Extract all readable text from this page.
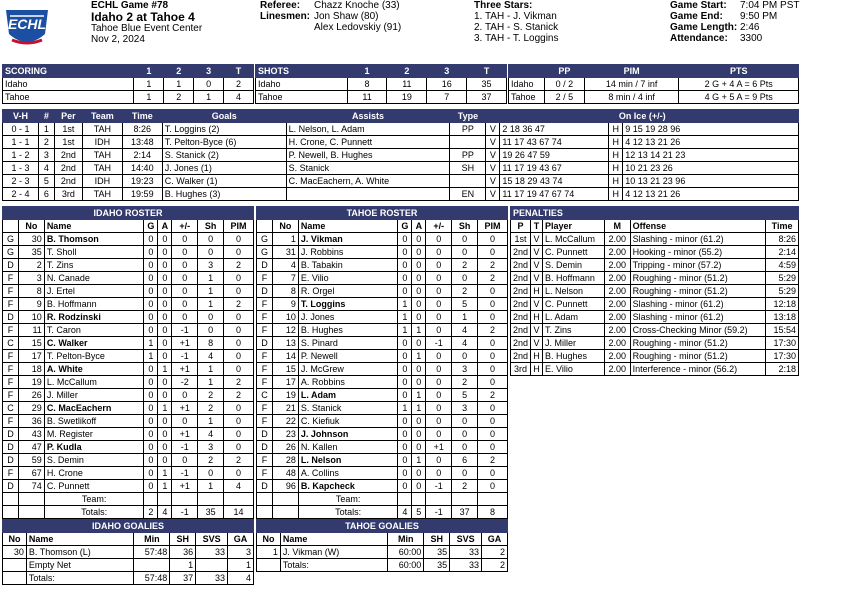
ECHL
ECHL Game #78
Idaho 2 at Tahoe 4
Tahoe Blue Event Center
Nov 2, 2024
Referee: Chazz Knoche (33)
Linesmen: Jon Shaw (80)
Alex Ledovskiy (91)
Three Stars:
1. TAH - J. Vikman
2. TAH - S. Stanick
3. TAH - T. Loggins
Game Start: 7:04 PM PST
Game End: 9:50 PM
Game Length: 2:46
Attendance: 3300
SCORING	1	2	3	T
Idaho	1	1	0	2
Tahoe	1	2	1	4
SHOTS	1	2	3	T
Idaho	8	11	16	35
Tahoe	11	19	7	37
	PP	PIM	PTS
Idaho	0 / 2	14 min / 7 inf	2 G + 4 A = 6 Pts
Tahoe	2 / 5	8 min / 4 inf	4 G + 5 A = 9 Pts
V-H	#	Per	Team	Time	Goals	Assists	Type	On Ice (+/-)			
0 - 1	1	1st	TAH	8:26	T. Loggins (2)	L. Nelson, L. Adam	PP	V	2 18 36 47	H	9 15 19 28 96
1 - 1	2	1st	IDH	13:48	T. Pelton-Byce (6)	H. Crone, C. Punnett		V	11 17 43 67 74	H	4 12 13 21 26
1 - 2	3	2nd	TAH	2:14	S. Stanick (2)	P. Newell, B. Hughes	PP	V	19 26 47 59	H	12 13 14 21 23
1 - 3	4	2nd	TAH	14:40	J. Jones (1)	S. Stanick	SH	V	11 17 19 43 67	H	10 21 23 26
2 - 3	5	2nd	IDH	19:23	C. Walker (1)	C. MacEachern, A. White		V	15 18 29 43 74	H	10 13 21 23 96
2 - 4	6	3rd	TAH	19:59	B. Hughes (3)		EN	V	11 17 19 47 67 74	H	4 12 13 21 26
IDAHO ROSTER							
	No	Name	G	A	+/-	Sh	PIM
G	30	B. Thomson	0	0	0	0	0
G	35	T. Sholl	0	0	0	0	0
D	2	T. Zins	0	0	0	3	2
F	3	N. Canade	0	0	0	1	0
F	8	J. Ertel	0	0	0	1	0
F	9	B. Hoffmann	0	0	0	1	2
D	10	R. Rodzinski	0	0	0	0	0
F	11	T. Caron	0	0	-1	0	0
C	15	C. Walker	1	0	+1	8	0
F	17	T. Pelton-Byce	1	0	-1	4	0
F	18	A. White	0	1	+1	1	0
F	19	L. McCallum	0	0	-2	1	2
F	26	J. Miller	0	0	0	2	2
C	29	C. MacEachern	0	1	+1	2	0
F	36	B. Swetlikoff	0	0	0	1	0
D	43	M. Register	0	0	+1	4	0
D	47	P. Kudla	0	0	-1	3	0
D	59	S. Demin	0	0	0	2	2
F	67	H. Crone	0	1	-1	0	0
D	74	C. Punnett	0	1	+1	1	4
		Team:					
		Totals:	2	4	-1	35	14
TAHOE ROSTER							
	No	Name	G	A	+/-	Sh	PIM
G	1	J. Vikman	0	0	0	0	0
G	31	J. Robbins	0	0	0	0	0
D	4	B. Tabakin	0	0	0	2	2
F	7	E. Vilio	0	0	0	0	2
D	8	R. Orgel	0	0	0	2	0
F	9	T. Loggins	1	0	0	5	0
F	10	J. Jones	1	0	0	1	0
F	12	B. Hughes	1	1	0	4	2
D	13	S. Pinard	0	0	-1	4	0
F	14	P. Newell	0	1	0	0	0
F	15	J. McGrew	0	0	0	3	0
F	17	A. Robbins	0	0	0	2	0
C	19	L. Adam	0	1	0	5	2
F	21	S. Stanick	1	1	0	3	0
F	22	C. Kiefiuk	0	0	0	0	0
D	23	J. Johnson	0	0	0	0	0
D	26	N. Kallen	0	0	+1	0	0
F	28	L. Nelson	0	1	0	6	2
F	48	A. Collins	0	0	0	0	0
D	96	B. Kapcheck	0	0	-1	2	0
		Team:					
		Totals:	4	5	-1	37	8
PENALTIES					
P	T	Player	M	Offense	Time
1st	V	L. McCallum	2.00	Slashing - minor (61.2)	8:26
2nd	V	C. Punnett	2.00	Hooking - minor (55.2)	2:14
2nd	V	S. Demin	2.00	Tripping - minor (57.2)	4:59
2nd	V	B. Hoffmann	2.00	Roughing - minor (51.2)	5:29
2nd	H	L. Nelson	2.00	Roughing - minor (51.2)	5:29
2nd	V	C. Punnett	2.00	Slashing - minor (61.2)	12:18
2nd	H	L. Adam	2.00	Slashing - minor (61.2)	13:18
2nd	V	T. Zins	2.00	Cross-Checking Minor (59.2)	15:54
2nd	V	J. Miller	2.00	Roughing - minor (51.2)	17:30
2nd	H	B. Hughes	2.00	Roughing - minor (51.2)	17:30
3rd	H	E. Vilio	2.00	Interference - minor (56.2)	2:18
IDAHO GOALIES					
No	Name	Min	SH	SVS	GA
30	B. Thomson (L)	57:48	36	33	3
	Empty Net		1		1
	Totals:	57:48	37	33	4
TAHOE GOALIES					
No	Name	Min	SH	SVS	GA
1	J. Vikman (W)	60:00	35	33	2
	Totals:	60:00	35	33	2
